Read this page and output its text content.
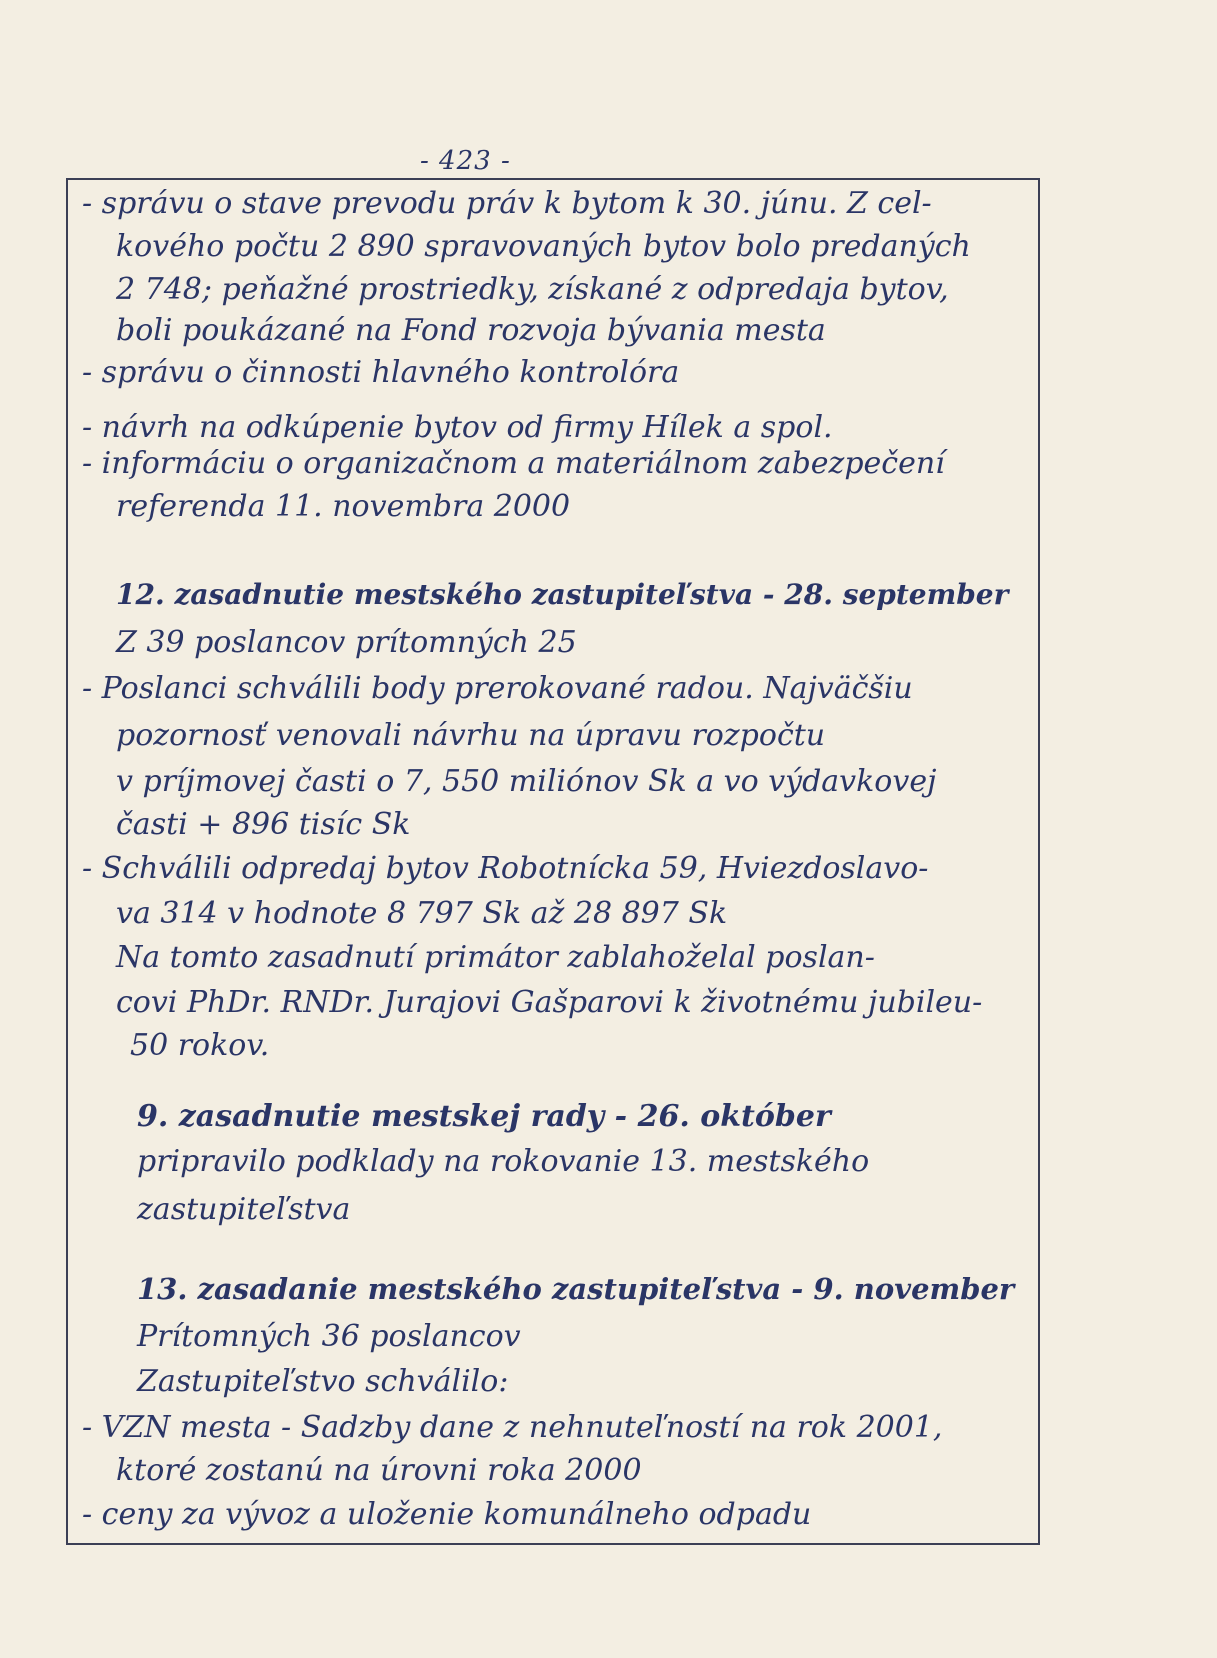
- 423 -
- správu o stave prevodu práv k bytom k 30. júnu. Z cel-
kového počtu 2 890 spravovaných bytov bolo predaných
2 748; peňažné prostriedky, získané z odpredaja bytov,
boli poukázané na Fond rozvoja bývania mesta
- správu o činnosti hlavného kontrolóra
- návrh na odkúpenie bytov od firmy Hílek a spol.
- informáciu o organizačnom a materiálnom zabezpečení
referenda 11. novembra 2000
12. zasadnutie mestského zastupiteľstva - 28. september
Z 39 poslancov prítomných 25
- Poslanci schválili body prerokované radou. Najväčšiu
pozornosť venovali návrhu na úpravu rozpočtu
v príjmovej časti o 7, 550 miliónov Sk a vo výdavkovej
časti + 896 tisíc Sk
- Schválili odpredaj bytov Robotnícka 59, Hviezdoslavo-
va 314 v hodnote 8 797 Sk až 28 897 Sk
Na tomto zasadnutí primátor zablahoželal poslan-
covi PhDr. RNDr. Jurajovi Gašparovi k životnému jubileu-
50 rokov.
9. zasadnutie mestskej rady - 26. október
pripravilo podklady na rokovanie 13. mestského
zastupiteľstva
13. zasadanie mestského zastupiteľstva - 9. november
Prítomných 36 poslancov
Zastupiteľstvo schválilo:
- VZN mesta - Sadzby dane z nehnuteľností na rok 2001,
ktoré zostanú na úrovni roka 2000
- ceny za vývoz a uloženie komunálneho odpadu
